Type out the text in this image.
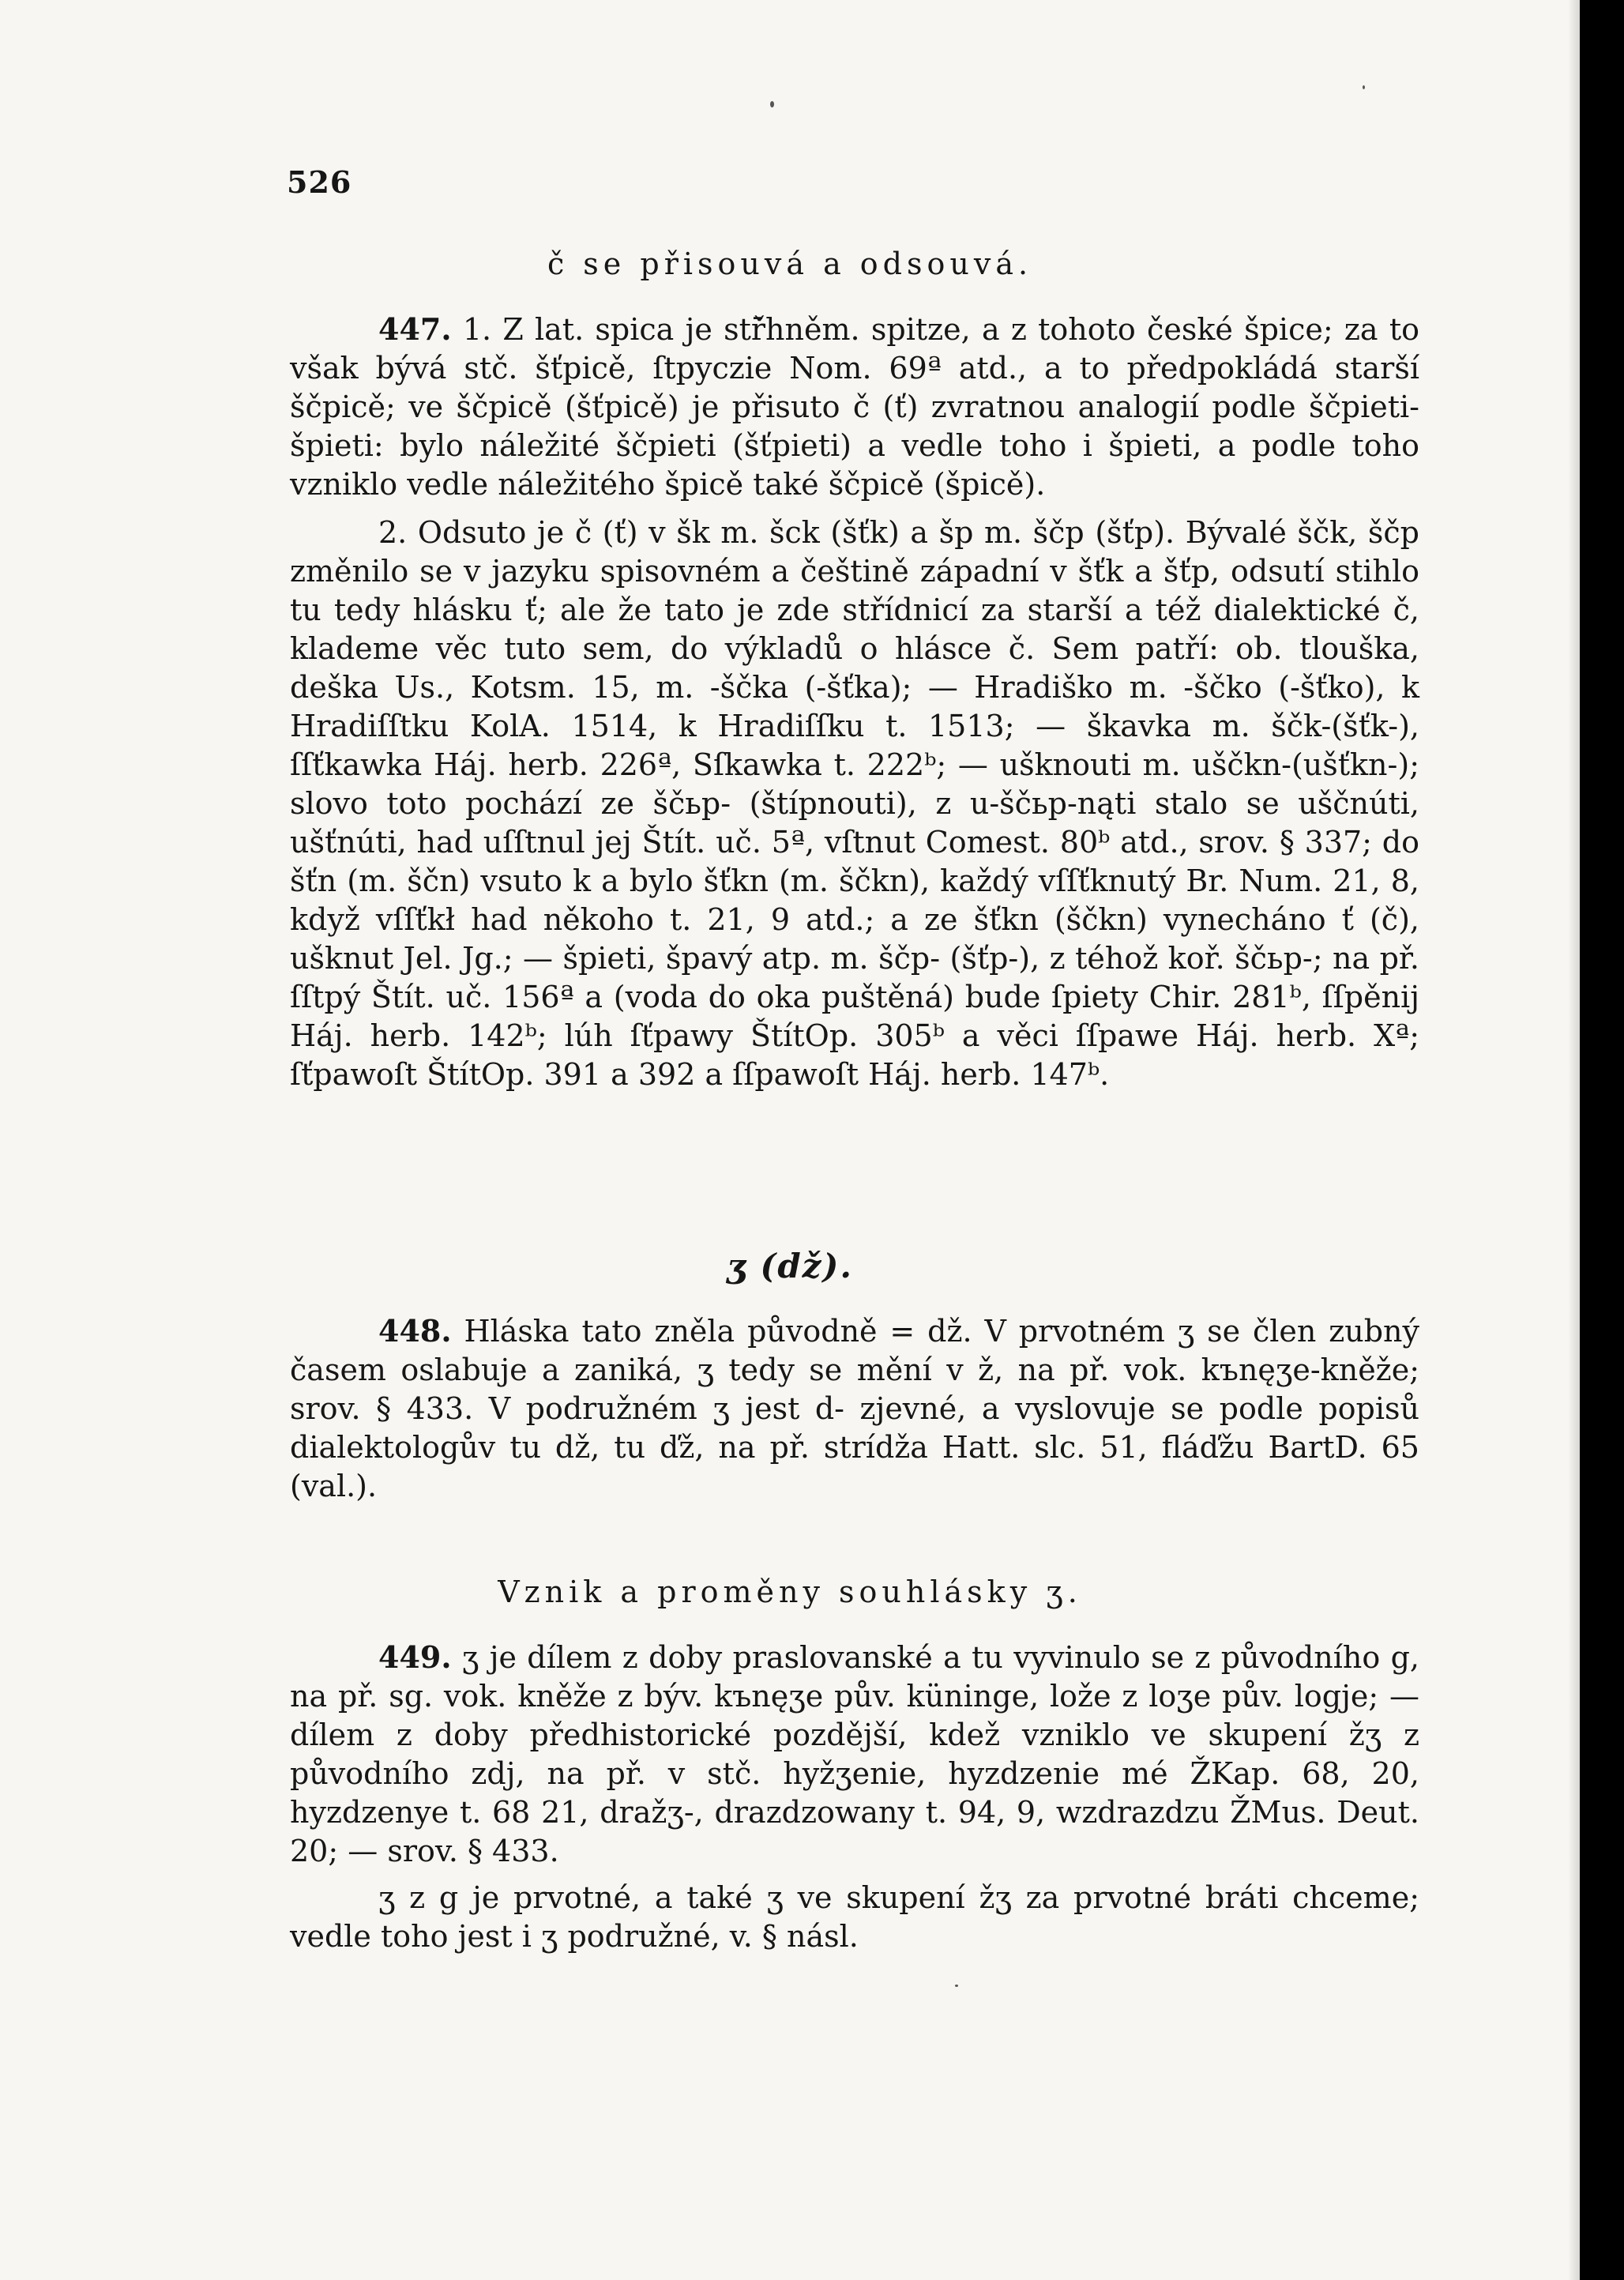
526
č se přisouvá a odsouvá.

447. 1. Z lat. spica je stř̄hněm. spitze, a z tohoto české špice; za to však bývá stč. šťpicě, ſtpyczie Nom. 69ª atd., a to předpokládá starší ščpicě; ve ščpicě (šťpicě) je přisuto č (ť) zvratnou analogií podle ščpieti-špieti: bylo náležité ščpieti (šťpieti) a vedle toho i špieti, a podle toho vzniklo vedle náležitého špicě také ščpicě (špicě).

2. Odsuto je č (ť) v šk m. šck (šťk) a šp m. ščp (šťp). Bývalé ščk, ščp změnilo se v jazyku spisovném a češtině západní v šťk a šťp, odsutí stihlo tu tedy hlásku ť; ale že tato je zde střídnicí za starší a též dialektické č, klademe věc tuto sem, do výkladů o hlásce č. Sem patří: ob. tlouška, deška Us., Kotsm. 15, m. -ščka (-šťka); — Hradiško m. -ščko (-šťko), k Hradiſſtku KolA. 1514, k Hradiſſku t. 1513; — škavka m. ščk-(šťk-), ſſťkawka Háj. herb. 226ª, Sſkawka t. 222ᵇ; — ušknouti m. uščkn-(ušťkn-); slovo toto pochází ze ščьp- (štípnouti), z u-ščьp-nąti stalo se uščnúti, ušťnúti, had uſſtnul jej Štít. uč. 5ª, vſtnut Comest. 80ᵇ atd., srov. § 337; do šťn (m. ščn) vsuto k a bylo šťkn (m. ščkn), každý vſſťknutý Br. Num. 21, 8, když vſſťkł had někoho t. 21, 9 atd.; a ze šťkn (ščkn) vynecháno ť (č), ušknut Jel. Jg.; — špieti, špavý atp. m. ščp- (šťp-), z téhož koř. ščьp-; na př. ſſtpý Štít. uč. 156ª a (voda do oka puštěná) bude ſpiety Chir. 281ᵇ, ſſpěnij Háj. herb. 142ᵇ; lúh ſťpawy ŠtítOp. 305ᵇ a věci ſſpawe Háj. herb. Xª; ſťpawoſt ŠtítOp. 391 a 392 a ſſpawoſt Háj. herb. 147ᵇ.

ʒ (dž).

448. Hláska tato zněla původně = dž. V prvotném ʒ se člen zubný časem oslabuje a zaniká, ʒ tedy se mění v ž, na př. vok. kъnęʒe-kněže; srov. § 433. V podružném ʒ jest d- zjevné, a vyslovuje se podle popisů dialektologův tu dž, tu ďž, na př. strídža Hatt. slc. 51, fláďžu BartD. 65 (val.).

Vznik a proměny souhlásky ʒ.

449. ʒ je dílem z doby praslovanské a tu vyvinulo se z původního g, na př. sg. vok. kněže z býv. kъnęʒe pův. küningе, lože z loʒe pův. logje; — dílem z doby předhistorické pozdější, kdež vzniklo ve skupení žʒ z původního zdj, na př. v stč. hyžʒenie, hyzdzenie mé ŽKap. 68, 20, hyzdzenye t. 68 21, dražʒ-, drazdzowany t. 94, 9, wzdrazdzu ŽMus. Deut. 20; — srov. § 433.

ʒ z g je prvotné, a také ʒ ve skupení žʒ za prvotné bráti chceme; vedle toho jest i ʒ podružné, v. § násl.
